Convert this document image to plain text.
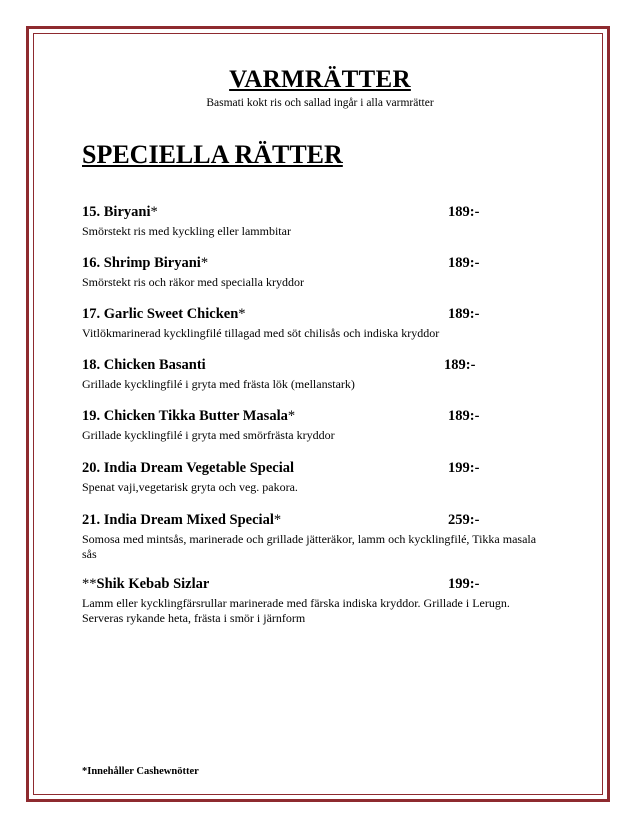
VARMRÄTTER
Basmati kokt ris och sallad ingår i alla varmrätter
SPECIELLA RÄTTER
15. Biryani*	189:-
Smörstekt ris med kyckling eller lammbitar
16. Shrimp Biryani*	189:-
Smörstekt ris och räkor med specialla kryddor
17. Garlic Sweet Chicken*	189:-
Vitlökmarinerad kycklingfilé tillagad med söt chilisås och indiska kryddor
18. Chicken Basanti	189:-
Grillade kycklingfilé i gryta med frästa lök (mellanstark)
19. Chicken Tikka Butter Masala*	189:-
Grillade kycklingfilé i gryta med smörfrästa kryddor
20. India Dream Vegetable Special	199:-
Spenat vaji,vegetarisk gryta och veg. pakora.
21. India Dream Mixed Special*	259:-
Somosa med mintsås, marinerade och grillade jätteräkor, lamm och kycklingfilé, Tikka masala sås
**Shik Kebab Sizlar	199:-
Lamm eller kycklingfärsrullar marinerade med färska indiska kryddor. Grillade i Lerugn. Serveras rykande heta, frästa i smör i järnform
*Innehåller Cashewnötter
